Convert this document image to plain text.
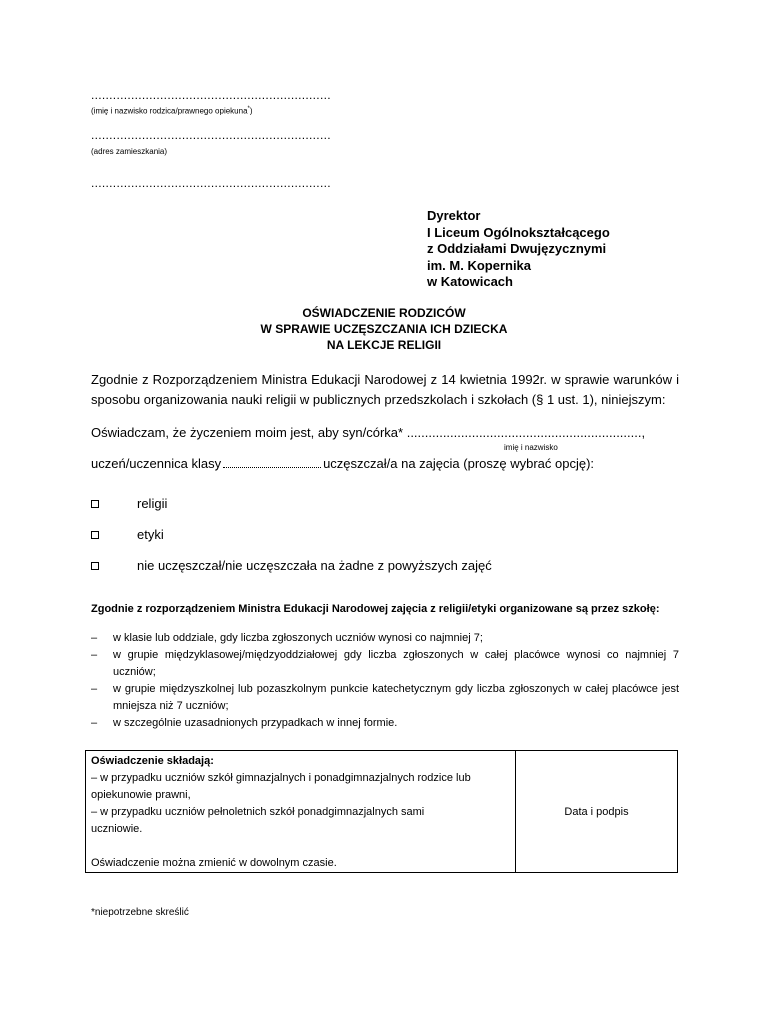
..................................................................
(imię i nazwisko rodzica/prawnego opiekuna*)
..................................................................
(adres zamieszkania)
..................................................................
Dyrektor
I Liceum Ogólnokształcącego
z Oddziałami Dwujęzycznymi
im. M. Kopernika
w Katowicach
OŚWIADCZENIE RODZICÓW
W SPRAWIE UCZĘSZCZANIA ICH DZIECKA
NA LEKCJE RELIGII
Zgodnie z Rozporządzeniem Ministra Edukacji Narodowej z 14 kwietnia 1992r. w sprawie warunków i sposobu organizowania nauki religii w publicznych przedszkolach i szkołach (§ 1 ust. 1), niniejszym:
Oświadczam, że życzeniem moim jest, aby syn/córka* .................................................................,
imię i nazwisko
uczeń/uczennica klasy	uczęszczał/a na zajęcia (proszę wybrać opcję):
religii
etyki
nie uczęszczał/nie uczęszczała na żadne z powyższych zajęć
Zgodnie z rozporządzeniem Ministra Edukacji Narodowej zajęcia z religii/etyki organizowane są przez szkołę:
– w klasie lub oddziale, gdy liczba zgłoszonych uczniów wynosi co najmniej 7;
– w grupie międzyklasowej/międzyoddziałowej gdy liczba zgłoszonych w całej placówce wynosi co najmniej 7 uczniów;
– w grupie międzyszkolnej lub pozaszkolnym punkcie katechetycznym gdy liczba zgłoszonych w całej placówce jest mniejsza niż 7 uczniów;
– w szczególnie uzasadnionych przypadkach w innej formie.
Oświadczenie składają:
– w przypadku uczniów szkół gimnazjalnych i ponadgimnazjalnych rodzice lub
opiekunowie prawni,
– w przypadku uczniów pełnoletnich szkół ponadgimnazjalnych sami
uczniowie.
Oświadczenie można zmienić w dowolnym czasie.
Data i podpis
*niepotrzebne skreślić
